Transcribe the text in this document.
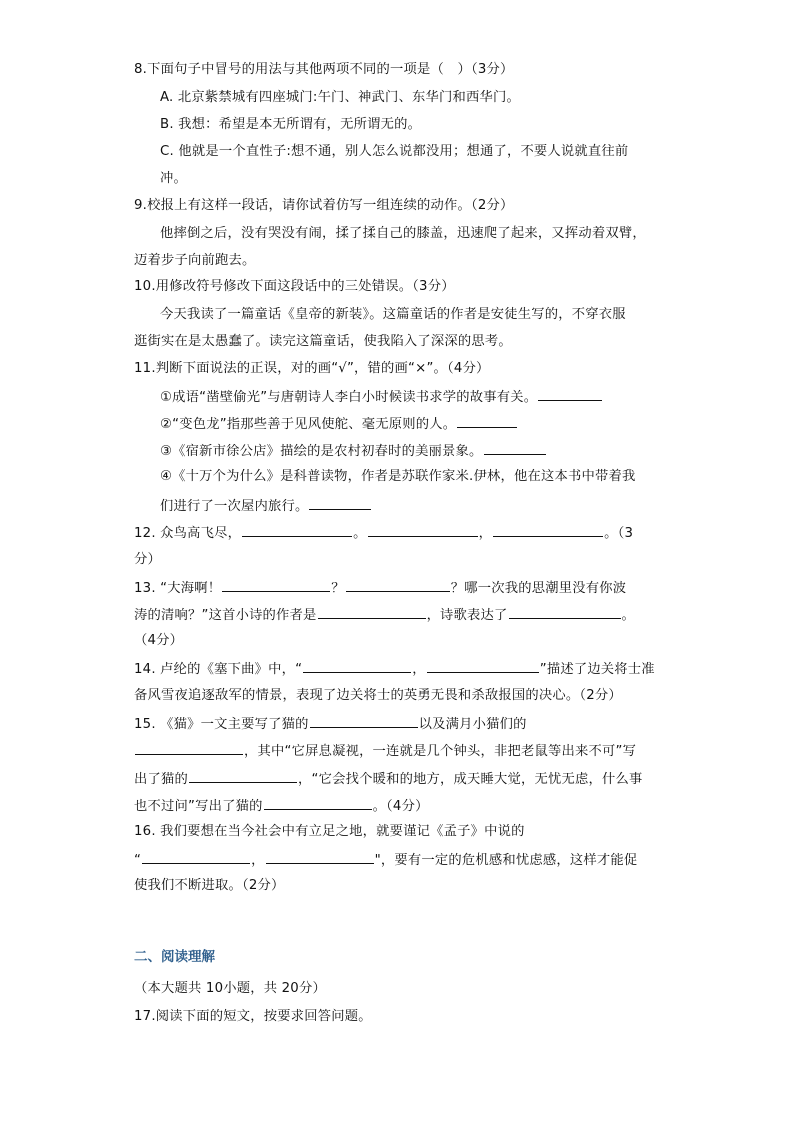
8.下面句子中冒号的用法与其他两项不同的一项是（　）（3分）
A. 北京紫禁城有四座城门:午门、神武门、东华门和西华门。
B. 我想：希望是本无所谓有，无所谓无的。
C. 他就是一个直性子:想不通，别人怎么说都没用；想通了，不要人说就直往前
冲。
9.校报上有这样一段话，请你试着仿写一组连续的动作。（2分）
他摔倒之后，没有哭没有闹，揉了揉自己的膝盖，迅速爬了起来，又挥动着双臂，
迈着步子向前跑去。
10.用修改符号修改下面这段话中的三处错误。（3分）
今天我读了一篇童话《皇帝的新装》。这篇童话的作者是安徒生写的，不穿衣服
逛街实在是太愚蠢了。读完这篇童话，使我陷入了深深的思考。
11.判断下面说法的正误，对的画“√”，错的画“×”。（4分）
①成语“凿壁偷光”与唐朝诗人李白小时候读书求学的故事有关。
②“变色龙”指那些善于见风使舵、毫无原则的人。
③《宿新市徐公店》描绘的是农村初春时的美丽景象。
④《十万个为什么》是科普读物，作者是苏联作家米.伊林，他在这本书中带着我
们进行了一次屋内旅行。
12. 众鸟高飞尽，	。	，	。（3
分）
13. “大海啊！	？	？哪一次我的思潮里没有你波
涛的清响？”这首小诗的作者是	，诗歌表达了	。
（4分）
14. 卢纶的《塞下曲》中，“	，	”描述了边关将士准
备风雪夜追逐敌军的情景，表现了边关将士的英勇无畏和杀敌报国的决心。（2分）
15. 《猫》一文主要写了猫的	以及满月小猫们的
，其中“它屏息凝视，一连就是几个钟头，非把老鼠等出来不可”写
出了猫的	，“它会找个暖和的地方，成天睡大觉，无忧无虑，什么事
也不过问”写出了猫的	。（4分）
16. 我们要想在当今社会中有立足之地，就要谨记《孟子》中说的
“	，	"，要有一定的危机感和忧虑感，这样才能促
使我们不断进取。（2分）
二、阅读理解
（本大题共 10小题，共 20分）
17.阅读下面的短文，按要求回答问题。
